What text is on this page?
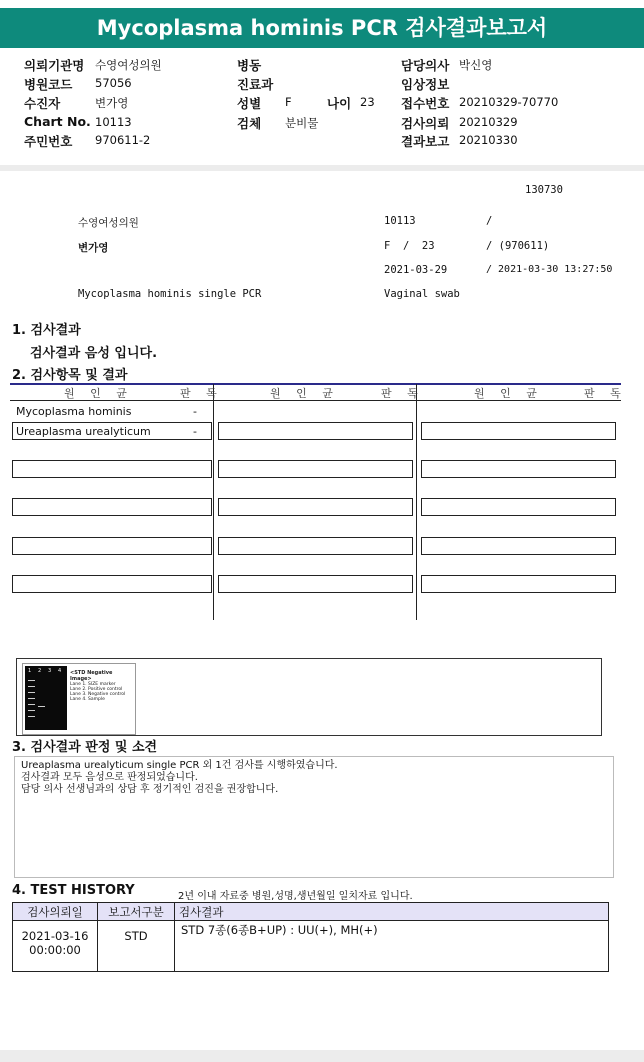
Mycoplasma hominis PCR 검사결과보고서
의뢰기관명 수영여성의원
병원코드 57056
수진자	변가영
Chart No. 10113
주민번호 970611-2
병동
진료과
성별 F	나이 23
검체 분비물
담당의사 박신영
임상정보
접수번호 20210329-70770
검사의뢰 20210329
결과보고 20210330
130730
수영여성의원	10113	/
변가영	F  /  23	/ (970611)
2021-03-29	/ 2021-03-30 13:27:50
Mycoplasma hominis single PCR	Vaginal swab
1. 검사결과
검사결과 음성 입니다.
2. 검사항목 및 결과
원 인 균	판 독	원 인 균	판 독	원 인 균	판 독
Mycoplasma hominis	-
Ureaplasma urealyticum	-
1 2 3 4 <STD Negative Image>
Lane 1. SIZE marker
Lane 2. Positive control
Lane 3. Negative control
Lane 4. Sample
3. 검사결과 판정 및 소견
Ureaplasma urealyticum single PCR 외 1건 검사를 시행하였습니다.
검사결과 모두 음성으로 판정되었습니다.
담당 의사 선생님과의 상담 후 정기적인 검진을 권장합니다.
4. TEST HISTORY	2년 이내 자료중 병원,성명,생년월일 일치자료 입니다.
검사의뢰일	보고서구분	검사결과

2021-03-16
00:00:00	STD	STD 7종(6종B+UP) : UU(+), MH(+)
